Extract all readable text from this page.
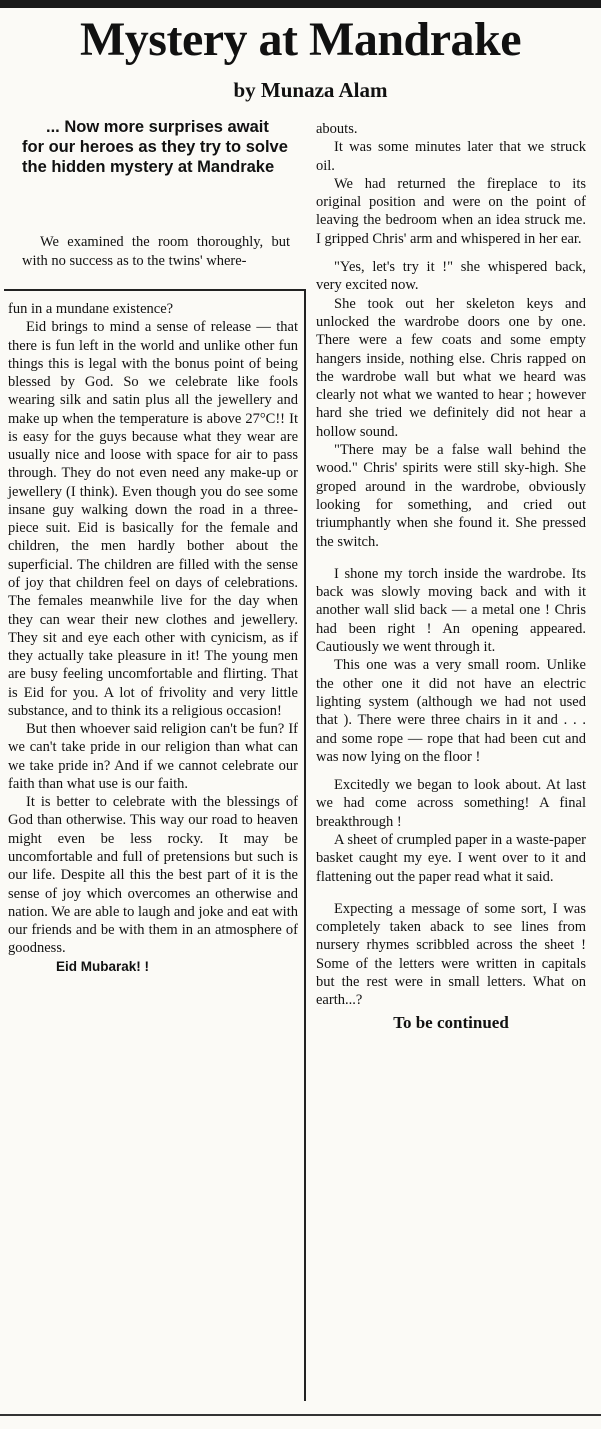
Mystery at Mandrake
by Munaza Alam
... Now more surprises await for our heroes as they try to solve the hidden mystery at Mandrake

We examined the room thoroughly, but with no success as to the twins' where-

fun in a mundane existence?

Eid brings to mind a sense of release — that there is fun left in the world and unlike other fun things this is legal with the bonus point of being blessed by God. So we celebrate like fools wearing silk and satin plus all the jewellery and make up when the temperature is above 27°C!! It is easy for the guys because what they wear are usually nice and loose with space for air to pass through. They do not even need any make-up or jewellery (I think). Even though you do see some insane guy walking down the road in a three-piece suit. Eid is basically for the female and children, the men hardly bother about the superficial. The children are filled with the sense of joy that children feel on days of celebrations. The females meanwhile live for the day when they can wear their new clothes and jewellery. They sit and eye each other with cynicism, as if they actually take pleasure in it! The young men are busy feeling uncomfortable and flirting. That is Eid for you. A lot of frivolity and very little substance, and to think its a religious occasion!

But then whoever said religion can't be fun? If we can't take pride in our religion than what can we take pride in? And if we cannot celebrate our faith than what use is our faith.

It is better to celebrate with the blessings of God than otherwise. This way our road to heaven might even be less rocky. It may be uncomfortable and full of pretensions but such is our life. Despite all this the best part of it is the sense of joy which overcomes an otherwise and nation. We are able to laugh and joke and eat with our friends and be with them in an atmosphere of goodness.

Eid Mubarak! !

abouts.

It was some minutes later that we struck oil.

We had returned the fireplace to its original position and were on the point of leaving the bedroom when an idea struck me. I gripped Chris' arm and whispered in her ear.

"Yes, let's try it !" she whispered back, very excited now.

She took out her skeleton keys and unlocked the wardrobe doors one by one. There were a few coats and some empty hangers inside, nothing else. Chris rapped on the wardrobe wall but what we heard was clearly not what we wanted to hear ; however hard she tried we definitely did not hear a hollow sound.

"There may be a false wall behind the wood." Chris' spirits were still sky-high. She groped around in the wardrobe, obviously looking for something, and cried out triumphantly when she found it. She pressed the switch.

I shone my torch inside the wardrobe. Its back was slowly moving back and with it another wall slid back — a metal one ! Chris had been right ! An opening appeared. Cautiously we went through it.

This one was a very small room. Unlike the other one it did not have an electric lighting system (although we had not used that ). There were three chairs in it and . . . and some rope — rope that had been cut and was now lying on the floor !

Excitedly we began to look about. At last we had come across something! A final breakthrough !

A sheet of crumpled paper in a waste-paper basket caught my eye. I went over to it and flattening out the paper read what it said.

Expecting a message of some sort, I was completely taken aback to see lines from nursery rhymes scribbled across the sheet ! Some of the letters were written in capitals but the rest were in small letters. What on earth...?

To be continued
